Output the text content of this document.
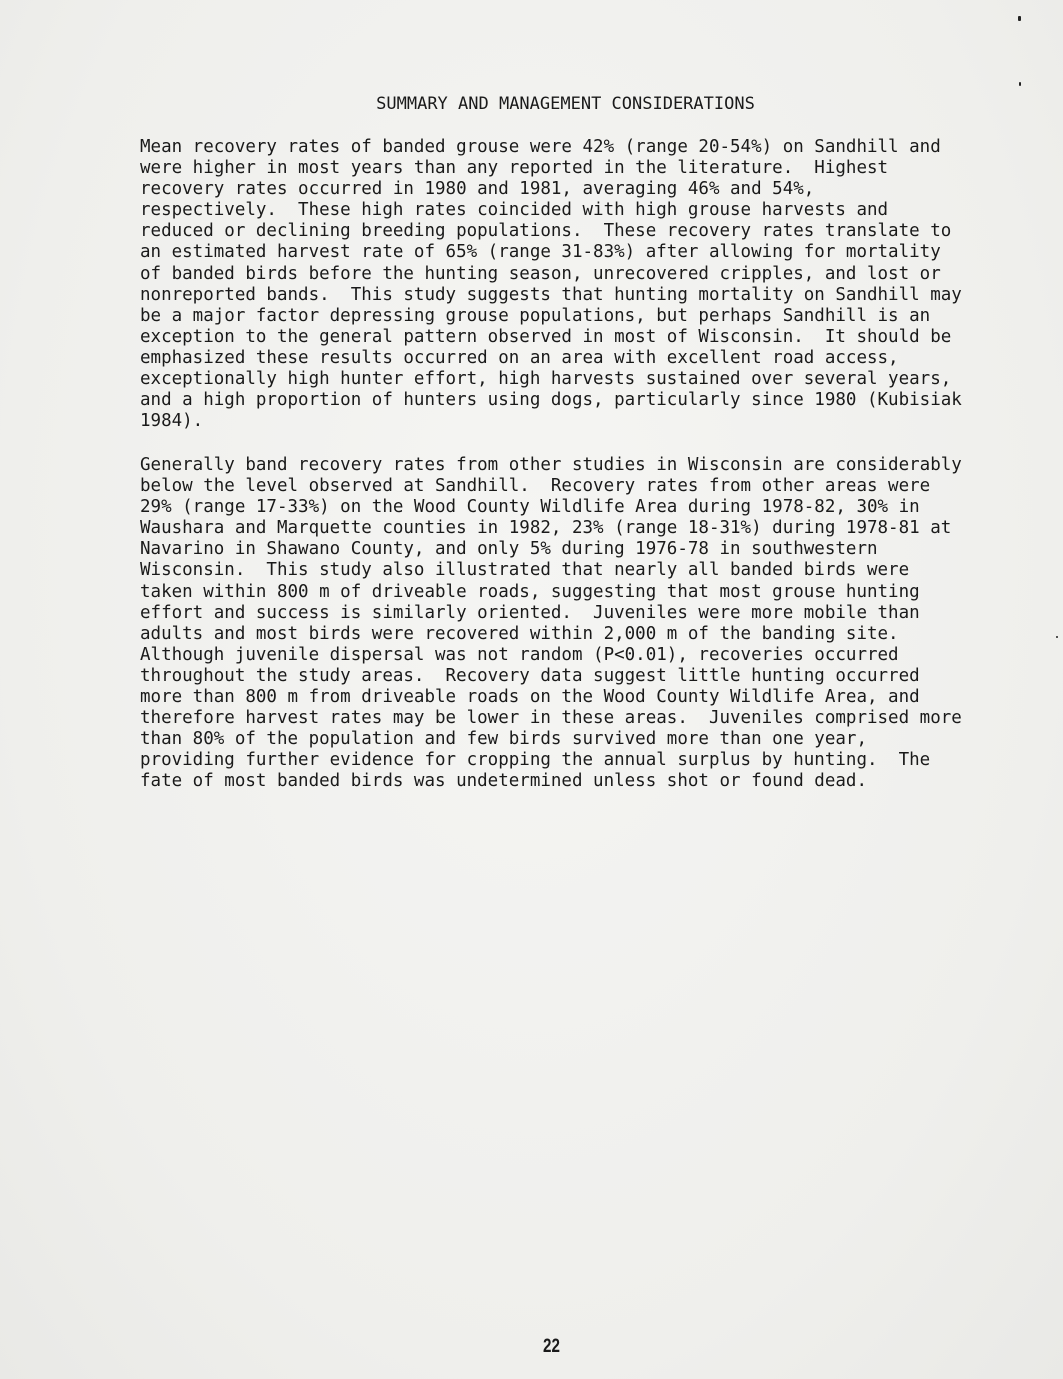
SUMMARY AND MANAGEMENT CONSIDERATIONS

Mean recovery rates of banded grouse were 42% (range 20-54%) on Sandhill and
were higher in most years than any reported in the literature.  Highest
recovery rates occurred in 1980 and 1981, averaging 46% and 54%,
respectively.  These high rates coincided with high grouse harvests and
reduced or declining breeding populations.  These recovery rates translate to
an estimated harvest rate of 65% (range 31-83%) after allowing for mortality
of banded birds before the hunting season, unrecovered cripples, and lost or
nonreported bands.  This study suggests that hunting mortality on Sandhill may
be a major factor depressing grouse populations, but perhaps Sandhill is an
exception to the general pattern observed in most of Wisconsin.  It should be
emphasized these results occurred on an area with excellent road access,
exceptionally high hunter effort, high harvests sustained over several years,
and a high proportion of hunters using dogs, particularly since 1980 (Kubisiak
1984).

Generally band recovery rates from other studies in Wisconsin are considerably
below the level observed at Sandhill.  Recovery rates from other areas were
29% (range 17-33%) on the Wood County Wildlife Area during 1978-82, 30% in
Waushara and Marquette counties in 1982, 23% (range 18-31%) during 1978-81 at
Navarino in Shawano County, and only 5% during 1976-78 in southwestern
Wisconsin.  This study also illustrated that nearly all banded birds were
taken within 800 m of driveable roads, suggesting that most grouse hunting
effort and success is similarly oriented.  Juveniles were more mobile than
adults and most birds were recovered within 2,000 m of the banding site.
Although juvenile dispersal was not random (P<0.01), recoveries occurred
throughout the study areas.  Recovery data suggest little hunting occurred
more than 800 m from driveable roads on the Wood County Wildlife Area, and
therefore harvest rates may be lower in these areas.  Juveniles comprised more
than 80% of the population and few birds survived more than one year,
providing further evidence for cropping the annual surplus by hunting.  The
fate of most banded birds was undetermined unless shot or found dead.

22
